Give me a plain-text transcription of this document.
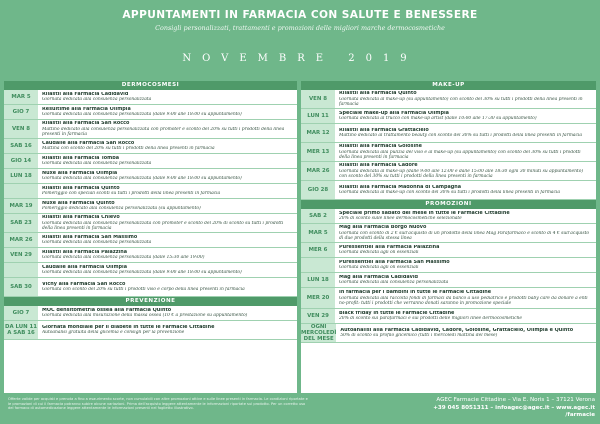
APPUNTAMENTI IN FARMACIA CON SALUTE E BENESSERE
Consigli personalizzati, trattamenti e promozioni delle migliori marche dermocosmetiche
NOVEMBRE 2019
DERMOCOSMESI
MAR 5
Rilastil alla Farmacia Cadidavid
Giornata dedicata alla consulenza personalizzata
GIO 7
Resultime alla Farmacia Olimpia
Giornata dedicata alla consulenza personalizzata (dalle 9:00 alle 18:00 su appuntamento)
VEN 8
Rilastil alla Farmacia San Rocco
Mattino dedicato alla consulenza personalizzata con promoter e sconto del 20% su tutti i prodotti della linea presenti in farmacia
SAB 16
Caudalie alla Farmacia San Rocco
Mattina con sconto del 20% su tutti i prodotti della linea presenti in farmacia
GIO 14
Rilastil alla Farmacia Tomba
Giornata dedicata alla consulenza personalizzata
LUN 18
Nuxe alla Farmacia Olimpia
Giornata dedicata alla consulenza personalizzata (dalle 9:00 alle 18:00 su appuntamento)
Rilastil alla Farmacia Quinto
Pomeriggio con speciali sconti su tutti i prodotti della linea presenti in farmacia
MAR 19
Nuxe alla Farmacia Quinto
Pomeriggio dedicato alla consulenza personalizzata (su appuntamento)
SAB 23
Rilastil alla Farmacia Chièvo
Giornata dedicata alla consulenza personalizzata con promoter e sconto del 20% di sconto su tutti i prodotti della linea presenti in farmacia
MAR 26
Rilastil alla Farmacia San Massimo
Giornata dedicata alla consulenza personalizzata
VEN 29
Rilastil alla Farmacia Palazzina
Giornata dedicata alla consulenza personalizzata (dalle 15:30 alle 19:00)
Caudalie alla Farmacia Olimpia
Giornata dedicata alla consulenza personalizzata (dalle 9:00 alle 18:00 su appuntamento)
SAB 30
Vichy alla Farmacia San Rocco
Giornata con sconto del 20% su tutti i prodotti viso e corpo della linea presenti in farmacia
PREVENZIONE
GIO 7
MOC densitometria ossea alla Farmacia Quinto
Giornata dedicata alla misurazione della massa ossea (10 € a prestazione su appuntamento)
DA LUN 11 A SAB 16
Giornata mondiale per il diabete in tutte le Farmacie Cittadine
Autoanalisi gratuita della glicemia e consigli per la prevenzione
MAKE-UP
VEN 8
Rilastil alla Farmacia Quinto
Giornata dedicata al make-up (su appuntamento) con sconto del 30% su tutti i prodotti della linea presenti in farmacia
LUN 11
Speciale make-up alla Farmacia Olimpia
Giornata dedicata al trucco con make-up artist (dalle 10:00 alle 17:30 su appuntamento)
MAR 12
Rilastil alla Farmacia Grattacielo
Mattino dedicato al trattamento beauty con sconto del 30% su tutti i prodotti della linea presenti in farmacia
MER 13
Rilastil alla Farmacia Golosine
Giornata dedicata alla pulizia del viso e al make-up (su appuntamento) con sconto del 30% su tutti i prodotti della linea presenti in farmacia
MAR 26
Rilastil alla Farmacia Cadore
Giornata dedicata al make-up (dalle 9:00 alle 12:00 e dalle 15:00 alle 18:30 ogni 30 minuti su appuntamento) con sconto del 30% su tutti i prodotti della linea presenti in farmacia
GIO 28
Rilastil alla Farmacia Madonna di Campagna
Giornata dedicata al make-up con sconto del 30% su tutti i prodotti della linea presenti in farmacia
PROMOZIONI
SAB 2
Speciale primo sabato del mese in tutte le Farmacie Cittadine
20% di sconto sulle linee dermocosmetiche selezionate
MAR 5
Mag alla Farmacia Borgo Nuovo
Giornata con sconto di 2 € sull'acquisto di un prodotto della linea Mag Parafarmaco e sconto di 4 € sull'acquisto di due prodotti della stessa linea
MER 6
Puressentiel alla Farmacia Palazzina
Giornata dedicata agli oli essenziali
Puressentiel alla Farmacia San Massimo
Giornata dedicata agli oli essenziali
LUN 18
Mag alla Farmacia Cadidavid
Giornata dedicata alla consulenza personalizzata
MER 20
In farmacia per i bambini in tutte le Farmacie Cittadine
Giornata dedicata alla raccolta fondi di farmaci da banco a uso pediatrico e prodotti baby care da donare a enti no-profit: tutti i prodotti che verranno donati saranno in promozione speciale
VEN 29
Black friday in tutte le Farmacie Cittadine
20% di sconto sui parafarmaci e sui prodotti delle migliori linee dermocosmetiche
OGNI MERCOLEDÌ DEL MESE
Autoanalisi alla Farmacia Cadidavid, Cadore, Golosine, Grattacielo, Olimpia e Quinto
50% di sconto su profilo glicemico (tutti i mercoledì mattina del mese)
Offerte valide per acquisti e prenota a fino a esaurimento scorte, non cumulabili con altre promozioni attive e sulle linee presenti in farmacia. Le condizioni riportate e le promozioni di cui il farmacia potranno subire alcune variazioni. Prima dell'acquisto leggere attentamente le informazioni riportate sul prodotto. Per un corretto uso del farmaco di automedicazione leggere attentamente le informazioni presenti nel foglietto illustrativo.
AGEC Farmacie Cittadine – Via E. Noris 1 – 37121 Verona
+39 045 8051311 – infoagec@agec.it – www.agec.it /farmacie
